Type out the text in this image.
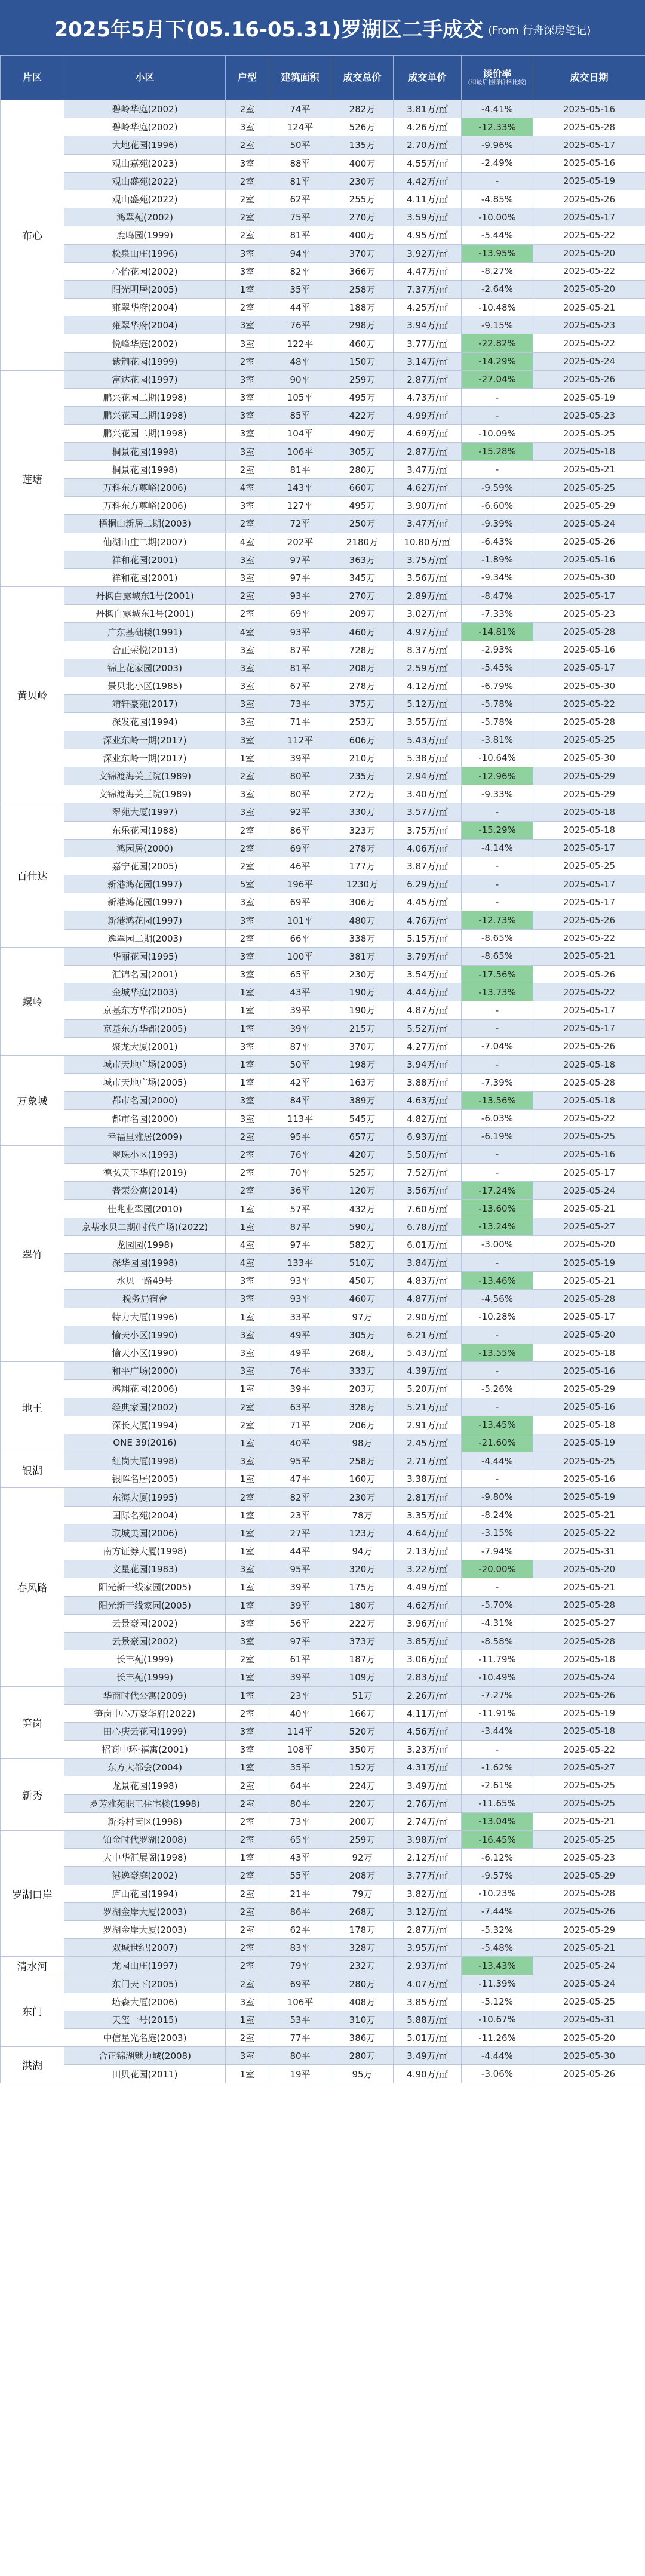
2025年5月下(05.16-05.31)罗湖区二手成交 (From 行舟深房笔记)
片区	小区	户型	建筑面积	成交总价	成交单价	谈价率
(和最后挂牌价格比较)	成交日期
布心	碧岭华庭(2002)	2室	74平	282万	3.81万/㎡	-4.41%	2025-05-16
	碧岭华庭(2002)	3室	124平	526万	4.26万/㎡	-12.33%	2025-05-28
	大地花园(1996)	2室	50平	135万	2.70万/㎡	-9.96%	2025-05-17
	观山嘉苑(2023)	3室	88平	400万	4.55万/㎡	-2.49%	2025-05-16
	观山盛苑(2022)	2室	81平	230万	4.42万/㎡	-	2025-05-19
	观山盛苑(2022)	2室	62平	255万	4.11万/㎡	-4.85%	2025-05-26
	鸿翠苑(2002)	2室	75平	270万	3.59万/㎡	-10.00%	2025-05-17
	鹿鸣园(1999)	2室	81平	400万	4.95万/㎡	-5.44%	2025-05-22
	松泉山庄(1996)	3室	94平	370万	3.92万/㎡	-13.95%	2025-05-20
	心怡花园(2002)	3室	82平	366万	4.47万/㎡	-8.27%	2025-05-22
	阳光明居(2005)	1室	35平	258万	7.37万/㎡	-2.64%	2025-05-20
	雍翠华府(2004)	2室	44平	188万	4.25万/㎡	-10.48%	2025-05-21
	雍翠华府(2004)	3室	76平	298万	3.94万/㎡	-9.15%	2025-05-23
	悦峰华庭(2002)	3室	122平	460万	3.77万/㎡	-22.82%	2025-05-22
	紫荆花园(1999)	2室	48平	150万	3.14万/㎡	-14.29%	2025-05-24
莲塘	富达花园(1997)	3室	90平	259万	2.87万/㎡	-27.04%	2025-05-26
	鹏兴花园二期(1998)	3室	105平	495万	4.73万/㎡	-	2025-05-19
	鹏兴花园二期(1998)	3室	85平	422万	4.99万/㎡	-	2025-05-23
	鹏兴花园二期(1998)	3室	104平	490万	4.69万/㎡	-10.09%	2025-05-25
	桐景花园(1998)	3室	106平	305万	2.87万/㎡	-15.28%	2025-05-18
	桐景花园(1998)	2室	81平	280万	3.47万/㎡	-	2025-05-21
	万科东方尊峪(2006)	4室	143平	660万	4.62万/㎡	-9.59%	2025-05-25
	万科东方尊峪(2006)	3室	127平	495万	3.90万/㎡	-6.60%	2025-05-29
	梧桐山新居二期(2003)	2室	72平	250万	3.47万/㎡	-9.39%	2025-05-24
	仙湖山庄二期(2007)	4室	202平	2180万	10.80万/㎡	-6.43%	2025-05-26
	祥和花园(2001)	3室	97平	363万	3.75万/㎡	-1.89%	2025-05-16
	祥和花园(2001)	3室	97平	345万	3.56万/㎡	-9.34%	2025-05-30
黄贝岭	丹枫白露城东1号(2001)	2室	93平	270万	2.89万/㎡	-8.47%	2025-05-17
	丹枫白露城东1号(2001)	2室	69平	209万	3.02万/㎡	-7.33%	2025-05-23
	广东基础楼(1991)	4室	93平	460万	4.97万/㎡	-14.81%	2025-05-28
	合正荣悦(2013)	3室	87平	728万	8.37万/㎡	-2.93%	2025-05-16
	锦上花家园(2003)	3室	81平	208万	2.59万/㎡	-5.45%	2025-05-17
	景贝北小区(1985)	3室	67平	278万	4.12万/㎡	-6.79%	2025-05-30
	靖轩豪苑(2017)	3室	73平	375万	5.12万/㎡	-5.78%	2025-05-22
	深发花园(1994)	3室	71平	253万	3.55万/㎡	-5.78%	2025-05-28
	深业东岭一期(2017)	3室	112平	606万	5.43万/㎡	-3.81%	2025-05-25
	深业东岭一期(2017)	1室	39平	210万	5.38万/㎡	-10.64%	2025-05-30
	文锦渡海关三院(1989)	2室	80平	235万	2.94万/㎡	-12.96%	2025-05-29
	文锦渡海关三院(1989)	3室	80平	272万	3.40万/㎡	-9.33%	2025-05-29
百仕达	翠苑大厦(1997)	3室	92平	330万	3.57万/㎡	-	2025-05-18
	东乐花园(1988)	2室	86平	323万	3.75万/㎡	-15.29%	2025-05-18
	鸿园居(2000)	2室	69平	278万	4.06万/㎡	-4.14%	2025-05-17
	嘉宁花园(2005)	2室	46平	177万	3.87万/㎡	-	2025-05-25
	新港鸿花园(1997)	5室	196平	1230万	6.29万/㎡	-	2025-05-17
	新港鸿花园(1997)	3室	69平	306万	4.45万/㎡	-	2025-05-17
	新港鸿花园(1997)	3室	101平	480万	4.76万/㎡	-12.73%	2025-05-26
	逸翠园二期(2003)	2室	66平	338万	5.15万/㎡	-8.65%	2025-05-22
螺岭	华丽花园(1995)	3室	100平	381万	3.79万/㎡	-8.65%	2025-05-21
	汇锦名园(2001)	3室	65平	230万	3.54万/㎡	-17.56%	2025-05-26
	金城华庭(2003)	1室	43平	190万	4.44万/㎡	-13.73%	2025-05-22
	京基东方华都(2005)	1室	39平	190万	4.87万/㎡	-	2025-05-17
	京基东方华都(2005)	1室	39平	215万	5.52万/㎡	-	2025-05-17
	聚龙大厦(2001)	3室	87平	370万	4.27万/㎡	-7.04%	2025-05-26
万象城	城市天地广场(2005)	1室	50平	198万	3.94万/㎡	-	2025-05-18
	城市天地广场(2005)	1室	42平	163万	3.88万/㎡	-7.39%	2025-05-28
	都市名园(2000)	3室	84平	389万	4.63万/㎡	-13.56%	2025-05-18
	都市名园(2000)	3室	113平	545万	4.82万/㎡	-6.03%	2025-05-22
	幸福里雅居(2009)	2室	95平	657万	6.93万/㎡	-6.19%	2025-05-25
翠竹	翠珠小区(1993)	2室	76平	420万	5.50万/㎡	-	2025-05-16
	德弘天下华府(2019)	2室	70平	525万	7.52万/㎡	-	2025-05-17
	普荣公寓(2014)	2室	36平	120万	3.56万/㎡	-17.24%	2025-05-24
	佳兆业翠园(2010)	1室	57平	432万	7.60万/㎡	-13.60%	2025-05-21
	京基水贝二期(时代广场)(2022)	1室	87平	590万	6.78万/㎡	-13.24%	2025-05-27
	龙园园(1998)	4室	97平	582万	6.01万/㎡	-3.00%	2025-05-20
	深华园园(1998)	4室	133平	510万	3.84万/㎡	-	2025-05-19
	水贝一路49号	3室	93平	450万	4.83万/㎡	-13.46%	2025-05-21
	税务局宿舍	3室	93平	460万	4.87万/㎡	-4.56%	2025-05-28
	特力大厦(1996)	1室	33平	97万	2.90万/㎡	-10.28%	2025-05-17
	愉天小区(1990)	3室	49平	305万	6.21万/㎡	-	2025-05-20
	愉天小区(1990)	3室	49平	268万	5.43万/㎡	-13.55%	2025-05-18
地王	和平广场(2000)	3室	76平	333万	4.39万/㎡	-	2025-05-16
	鸿翔花园(2006)	1室	39平	203万	5.20万/㎡	-5.26%	2025-05-29
	经典家园(2002)	2室	63平	328万	5.21万/㎡	-	2025-05-16
	深长大厦(1994)	2室	71平	206万	2.91万/㎡	-13.45%	2025-05-18
	ONE 39(2016)	1室	40平	98万	2.45万/㎡	-21.60%	2025-05-19
银湖	红岗大厦(1998)	3室	95平	258万	2.71万/㎡	-4.44%	2025-05-25
	银晖名居(2005)	1室	47平	160万	3.38万/㎡	-	2025-05-16
春风路	东海大厦(1995)	2室	82平	230万	2.81万/㎡	-9.80%	2025-05-19
	国际名苑(2004)	1室	23平	78万	3.35万/㎡	-8.24%	2025-05-21
	联城美园(2006)	1室	27平	123万	4.64万/㎡	-3.15%	2025-05-22
	南方证券大厦(1998)	1室	44平	94万	2.13万/㎡	-7.94%	2025-05-31
	文星花园(1983)	3室	95平	320万	3.22万/㎡	-20.00%	2025-05-20
	阳光新干线家园(2005)	1室	39平	175万	4.49万/㎡	-	2025-05-21
	阳光新干线家园(2005)	1室	39平	180万	4.62万/㎡	-5.70%	2025-05-28
	云景豪园(2002)	3室	56平	222万	3.96万/㎡	-4.31%	2025-05-27
	云景豪园(2002)	3室	97平	373万	3.85万/㎡	-8.58%	2025-05-28
	长丰苑(1999)	2室	61平	187万	3.06万/㎡	-11.79%	2025-05-18
	长丰苑(1999)	1室	39平	109万	2.83万/㎡	-10.49%	2025-05-24
笋岗	华商时代公寓(2009)	1室	23平	51万	2.26万/㎡	-7.27%	2025-05-26
	笋岗中心万豪华府(2022)	2室	40平	166万	4.11万/㎡	-11.91%	2025-05-19
	田心庆云花园(1999)	3室	114平	520万	4.56万/㎡	-3.44%	2025-05-18
	招商中环·禧寓(2001)	3室	108平	350万	3.23万/㎡	-	2025-05-22
新秀	东方大都会(2004)	1室	35平	152万	4.31万/㎡	-1.62%	2025-05-27
	龙景花园(1998)	2室	64平	224万	3.49万/㎡	-2.61%	2025-05-25
	罗芳雅苑职工住宅楼(1998)	2室	80平	220万	2.76万/㎡	-11.65%	2025-05-25
	新秀村南区(1998)	2室	73平	200万	2.74万/㎡	-13.04%	2025-05-21
罗湖口岸	铂金时代罗湖(2008)	2室	65平	259万	3.98万/㎡	-16.45%	2025-05-25
	大中华汇展阁(1998)	1室	43平	92万	2.12万/㎡	-6.12%	2025-05-23
	港逸豪庭(2002)	2室	55平	208万	3.77万/㎡	-9.57%	2025-05-29
	庐山花园(1994)	2室	21平	79万	3.82万/㎡	-10.23%	2025-05-28
	罗湖金岸大厦(2003)	2室	86平	268万	3.12万/㎡	-7.44%	2025-05-26
	罗湖金岸大厦(2003)	2室	62平	178万	2.87万/㎡	-5.32%	2025-05-29
	双城世纪(2007)	2室	83平	328万	3.95万/㎡	-5.48%	2025-05-21
清水河	龙园山庄(1997)	2室	79平	232万	2.93万/㎡	-13.43%	2025-05-24
东门	东门天下(2005)	2室	69平	280万	4.07万/㎡	-11.39%	2025-05-24
	培森大厦(2006)	3室	106平	408万	3.85万/㎡	-5.12%	2025-05-25
	天玺一号(2015)	1室	53平	310万	5.88万/㎡	-10.67%	2025-05-31
	中信星光名庭(2003)	2室	77平	386万	5.01万/㎡	-11.26%	2025-05-20
洪湖	合正锦湖魅力城(2008)	3室	80平	280万	3.49万/㎡	-4.44%	2025-05-30
	田贝花园(2011)	1室	19平	95万	4.90万/㎡	-3.06%	2025-05-26
